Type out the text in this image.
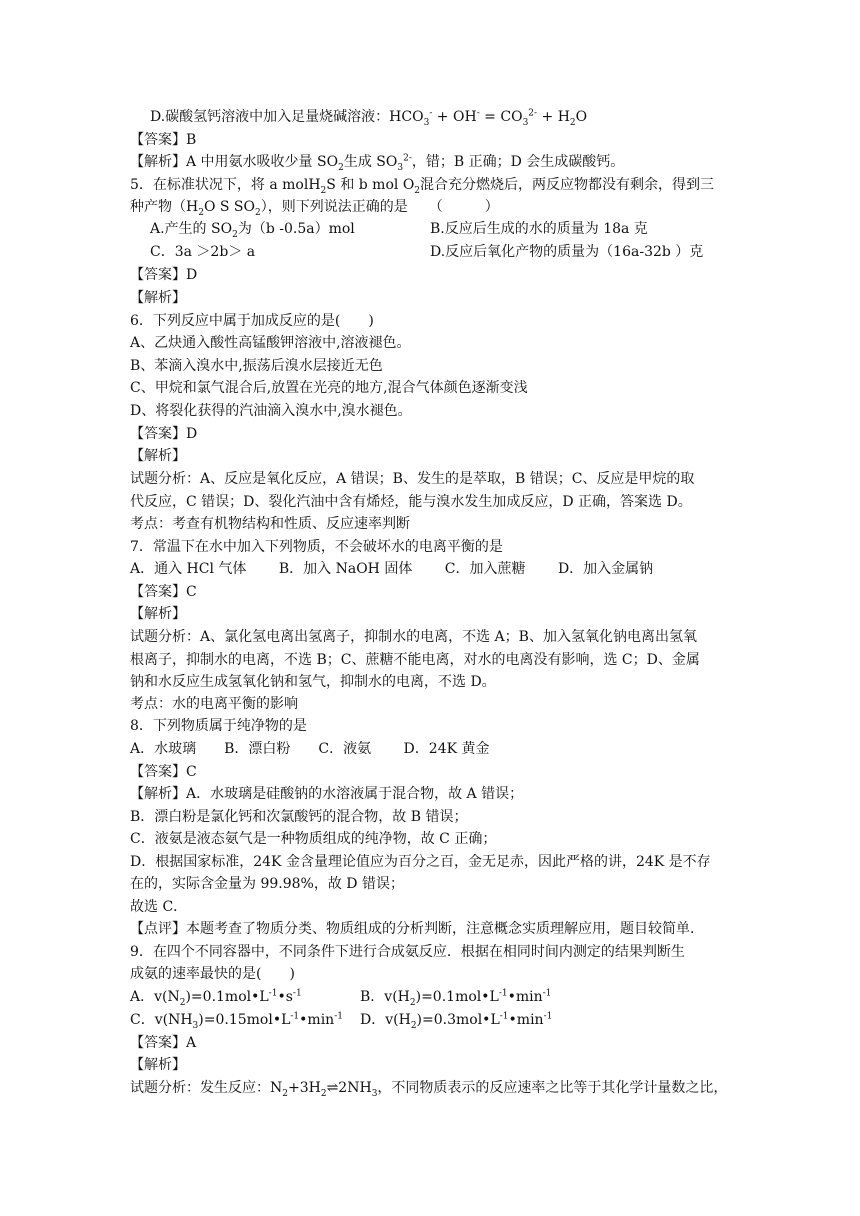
D.碳酸氢钙溶液中加入足量烧碱溶液：$HCO_3^- + OH^- = CO_3^{2-} + H_2O$
【答案】B
【解析】A 中用氨水吸收少量 $SO_2$生成 $SO_3^{2-}$，错；B 正确；D 会生成碳酸钙。
5．在标准状况下，将 a molH$_2$S 和 b mol $O_2$混合充分燃烧后，两反应物都没有剩余，得到三
种产物（$H_2O$ S $SO_2$），则下列说法正确的是　　（　　　）
A.产生的 $SO_2$为（b -0.5a）mol	B.反应后生成的水的质量为 18a 克
C．3a ＞2b＞ a	D.反应后氧化产物的质量为（16a-32b ）克
【答案】D
【解析】
6．下列反应中属于加成反应的是(　　)
A、乙炔通入酸性高锰酸钾溶液中,溶液褪色。
B、苯滴入溴水中,振荡后溴水层接近无色
C、甲烷和氯气混合后,放置在光亮的地方,混合气体颜色逐渐变浅
D、将裂化获得的汽油滴入溴水中,溴水褪色。
【答案】D
【解析】
试题分析：A、反应是氧化反应，A 错误；B、发生的是萃取，B 错误；C、反应是甲烷的取
代反应，C 错误；D、裂化汽油中含有烯烃，能与溴水发生加成反应，D 正确，答案选 D。
考点：考查有机物结构和性质、反应速率判断
7．常温下在水中加入下列物质，不会破坏水的电离平衡的是
A．通入 HCl 气体　　 B．加入 NaOH 固体　　 C．加入蔗糖　　 D．加入金属钠
【答案】C
【解析】
试题分析：A、氯化氢电离出氢离子，抑制水的电离，不选 A；B、加入氢氧化钠电离出氢氧
根离子，抑制水的电离，不选 B；C、蔗糖不能电离，对水的电离没有影响，选 C；D、金属
钠和水反应生成氢氧化钠和氢气，抑制水的电离，不选 D。
考点：水的电离平衡的影响
8．下列物质属于纯净物的是
A．水玻璃　　B．漂白粉　　C．液氨　　 D．24K 黄金
【答案】C
【解析】A．水玻璃是硅酸钠的水溶液属于混合物，故 A 错误；
B．漂白粉是氯化钙和次氯酸钙的混合物，故 B 错误；
C．液氨是液态氨气是一种物质组成的纯净物，故 C 正确；
D．根据国家标准，24K 金含量理论值应为百分之百，金无足赤，因此严格的讲，24K 是不存
在的，实际含金量为 99.98%，故 D 错误；
故选 C．
【点评】本题考查了物质分类、物质组成的分析判断，注意概念实质理解应用，题目较简单．
9．在四个不同容器中，不同条件下进行合成氨反应．根据在相同时间内测定的结果判断生
成氨的速率最快的是(　　)
A．$v(N_2)=0.1mol•L^{-1}•s^{-1}$	B．$v(H_2)=0.1mol•L^{-1}•\min^{-1}$
C．$v(NH_3)=0.15mol•L^{-1}•\min^{-1}$ D．$v(H_2)=0.3mol•L^{-1}•\min^{-1}$
【答案】A
【解析】
试题分析：发生反应：$N_2+3H_2\rightleftharpoons 2NH_3$，不同物质表示的反应速率之比等于其化学计量数之比，
